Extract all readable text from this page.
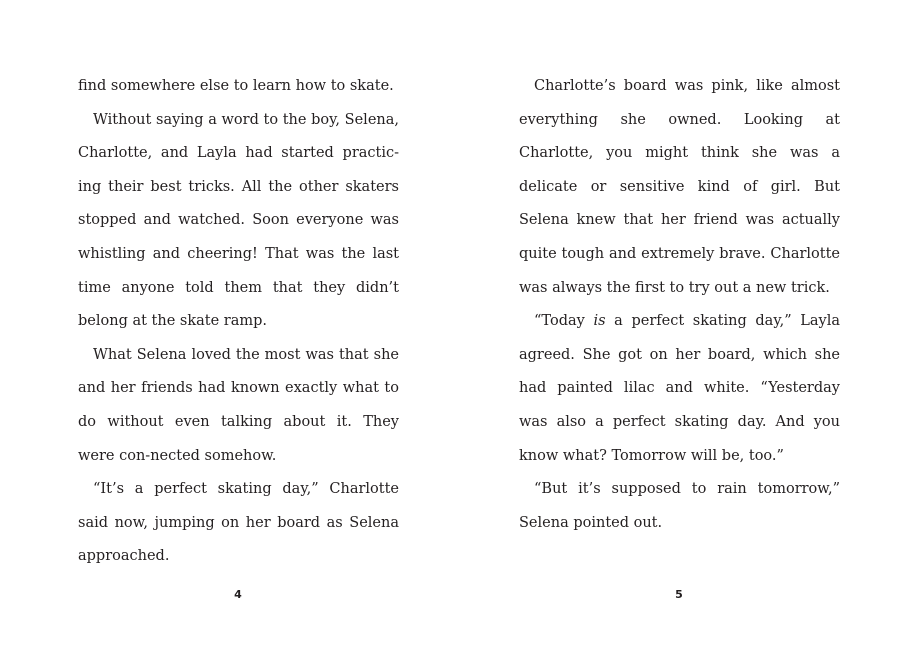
find somewhere else to learn how to skate.

Without saying a word to the boy, Selena, Charlotte, and Layla had started practic-ing their best tricks. All the other skaters stopped and watched. Soon everyone was whistling and cheering! That was the last time anyone told them that they didn’t belong at the skate ramp.

What Selena loved the most was that she and her friends had known exactly what to do without even talking about it. They were con-nected somehow.

“It’s a perfect skating day,” Charlotte said now, jumping on her board as Selena approached.

4

Charlotte’s board was pink, like almost everything she owned. Looking at Charlotte, you might think she was a delicate or sensitive kind of girl. But Selena knew that her friend was actually quite tough and extremely brave. Charlotte was always the first to try out a new trick.

“Today is a perfect skating day,” Layla agreed. She got on her board, which she had painted lilac and white. “Yesterday was also a perfect skating day. And you know what? Tomorrow will be, too.”

“But it’s supposed to rain tomorrow,” Selena pointed out.

5
